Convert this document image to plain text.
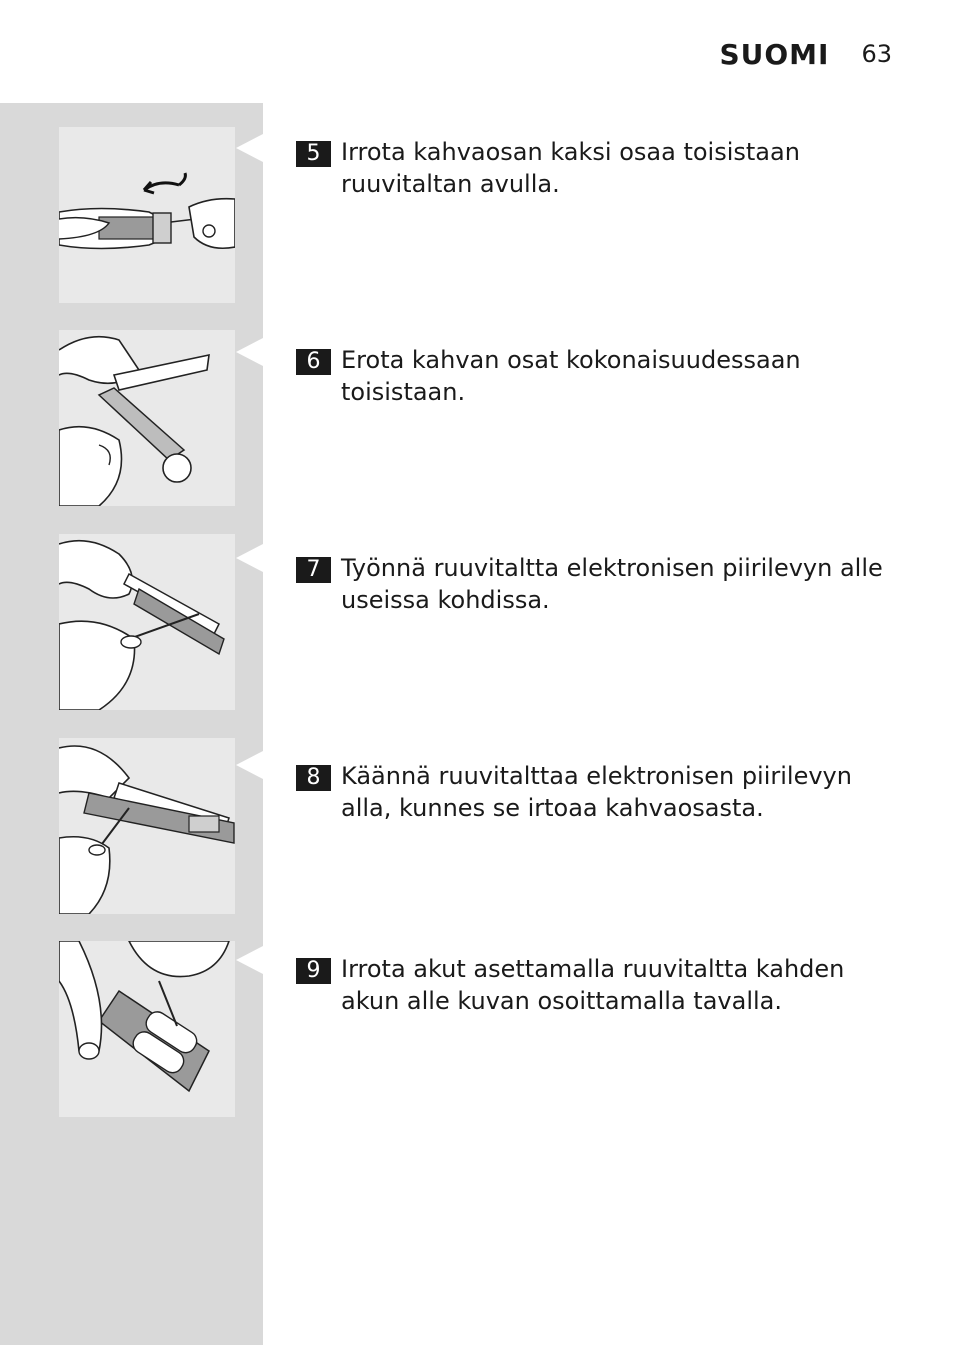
SUOMI 63
5 Irrota kahvaosan kaksi osaa toisistaan ruuvitaltan avulla.
6 Erota kahvan osat kokonaisuudessaan toisistaan.
7 Työnnä ruuvitaltta elektronisen piirilevyn alle useissa kohdissa.
8 Käännä ruuvitalttaa elektronisen piirilevyn alla, kunnes se irtoaa kahvaosasta.
9 Irrota akut asettamalla ruuvitaltta kahden akun alle kuvan osoittamalla tavalla.
